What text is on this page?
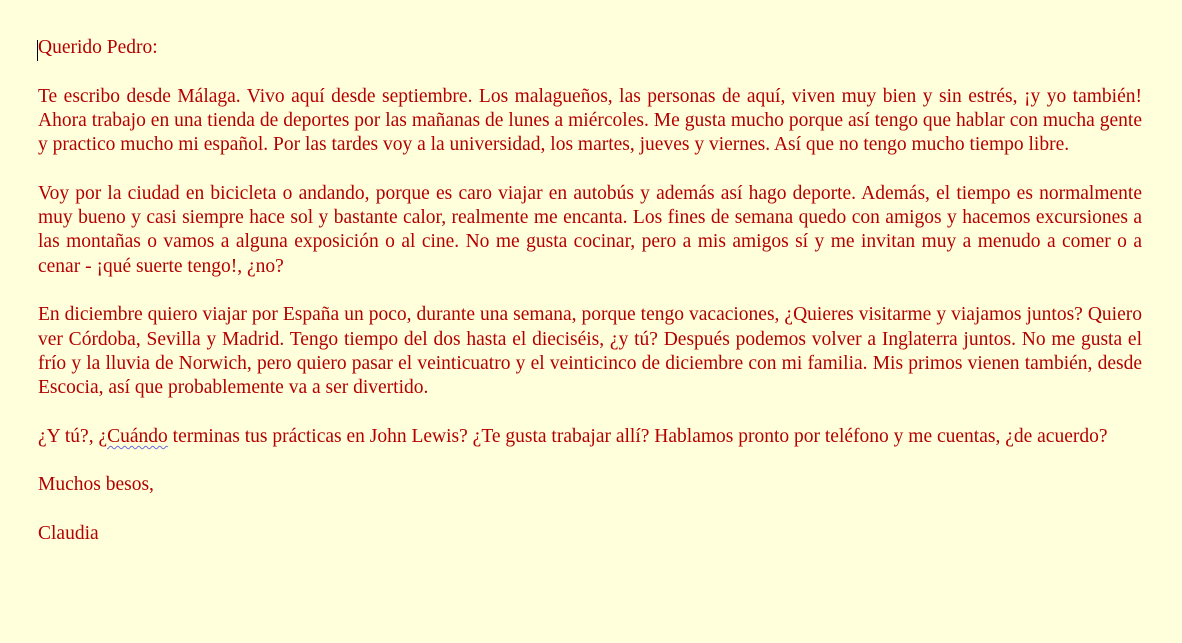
Querido Pedro:

Te escribo desde Málaga. Vivo aquí desde septiembre. Los malagueños, las personas de aquí, viven muy bien y sin estrés, ¡y yo también! Ahora trabajo en una tienda de deportes por las mañanas de lunes a miércoles. Me gusta mucho porque así tengo que hablar con mucha gente y practico mucho mi español. Por las tardes voy a la universidad, los martes, jueves y viernes. Así que no tengo mucho tiempo libre.

Voy por la ciudad en bicicleta o andando, porque es caro viajar en autobús y además así hago deporte. Además, el tiempo es normalmente muy bueno y casi siempre hace sol y bastante calor, realmente me encanta. Los fines de semana quedo con amigos y hacemos excursiones a las montañas o vamos a alguna exposición o al cine. No me gusta cocinar, pero a mis amigos sí y me invitan muy a menudo a comer o a cenar - ¡qué suerte tengo!, ¿no?

En diciembre quiero viajar por España un poco, durante una semana, porque tengo vacaciones, ¿Quieres visitarme y viajamos juntos? Quiero ver Córdoba, Sevilla y Madrid. Tengo tiempo del dos hasta el dieciséis, ¿y tú? Después podemos volver a Inglaterra juntos. No me gusta el frío y la lluvia de Norwich, pero quiero pasar el veinticuatro y el veinticinco de diciembre con mi familia. Mis primos vienen también, desde Escocia, así que probablemente va a ser divertido.

¿Y tú?, ¿Cuándo terminas tus prácticas en John Lewis? ¿Te gusta trabajar allí? Hablamos pronto por teléfono y me cuentas, ¿de acuerdo?

Muchos besos,

Claudia
